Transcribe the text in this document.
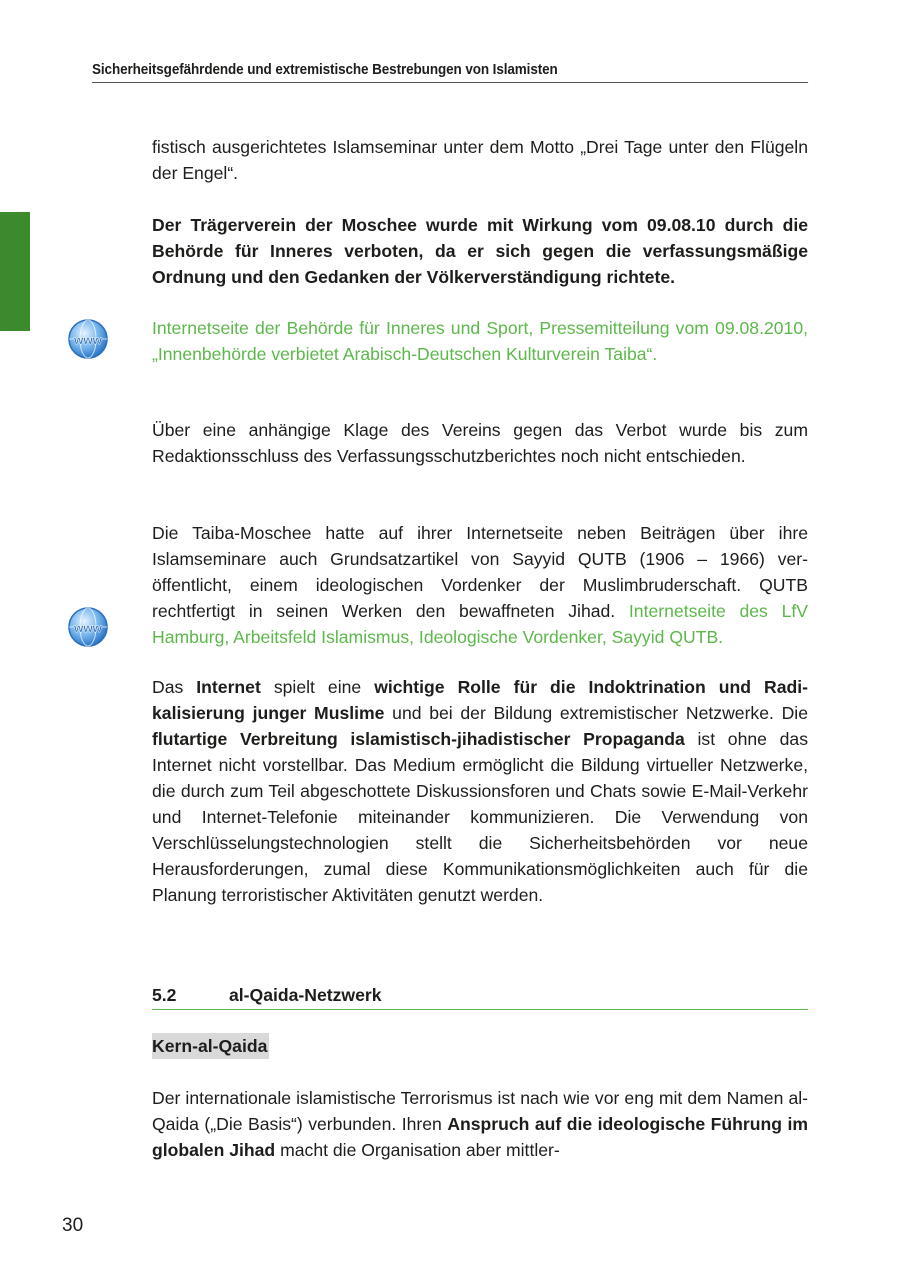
Sicherheitsgefährdende und extremistische Bestrebungen von Islamisten
www
www

fistisch ausgerichtetes Islamseminar unter dem Motto „Drei Tage unter den Flügeln der Engel“.

Der Trägerverein der Moschee wurde mit Wirkung vom 09.08.10 durch die Behörde für Inneres verboten, da er sich gegen die verfassungsmäßige Ordnung und den Gedanken der Völkerverständigung richtete.

Internetseite der Behörde für Inneres und Sport, Pressemitteilung vom 09.08.2010, „Innenbehörde verbietet Arabisch-Deutschen Kulturverein Taiba“.

Über eine anhängige Klage des Vereins gegen das Verbot wurde bis zum Redaktionsschluss des Verfassungsschutzberichtes noch nicht entschieden.

Die Taiba-Moschee hatte auf ihrer Internetseite neben Beiträgen über ihre Islamseminare auch Grundsatzartikel von Sayyid QUTB (1906 – 1966) veröffentlicht, einem ideologischen Vordenker der Muslimbruderschaft. QUTB rechtfertigt in seinen Werken den bewaffneten Jihad. Internetseite des LfV Hamburg, Arbeitsfeld Islamismus, Ideologische Vordenker, Sayyid QUTB.

Das Internet spielt eine wichtige Rolle für die Indoktrination und Radikalisierung junger Muslime und bei der Bildung extremistischer Netzwerke. Die flutartige Verbreitung islamistisch-jihadistischer Propaganda ist ohne das Internet nicht vorstellbar. Das Medium ermöglicht die Bildung virtueller Netzwerke, die durch zum Teil abgeschottete Diskussionsforen und Chats sowie E-Mail-Verkehr und Internet-Telefonie miteinander kommunizieren. Die Verwendung von Verschlüsselungstechnologien stellt die Sicherheitsbehörden vor neue Herausforderungen, zumal diese Kommunikationsmöglichkeiten auch für die Planung terroristischer Aktivitäten genutzt werden.

5.2	al-Qaida-Netzwerk
Kern-al-Qaida

Der internationale islamistische Terrorismus ist nach wie vor eng mit dem Namen al-Qaida („Die Basis“) verbunden. Ihren Anspruch auf die ideologische Führung im globalen Jihad macht die Organisation aber mittler-

30
